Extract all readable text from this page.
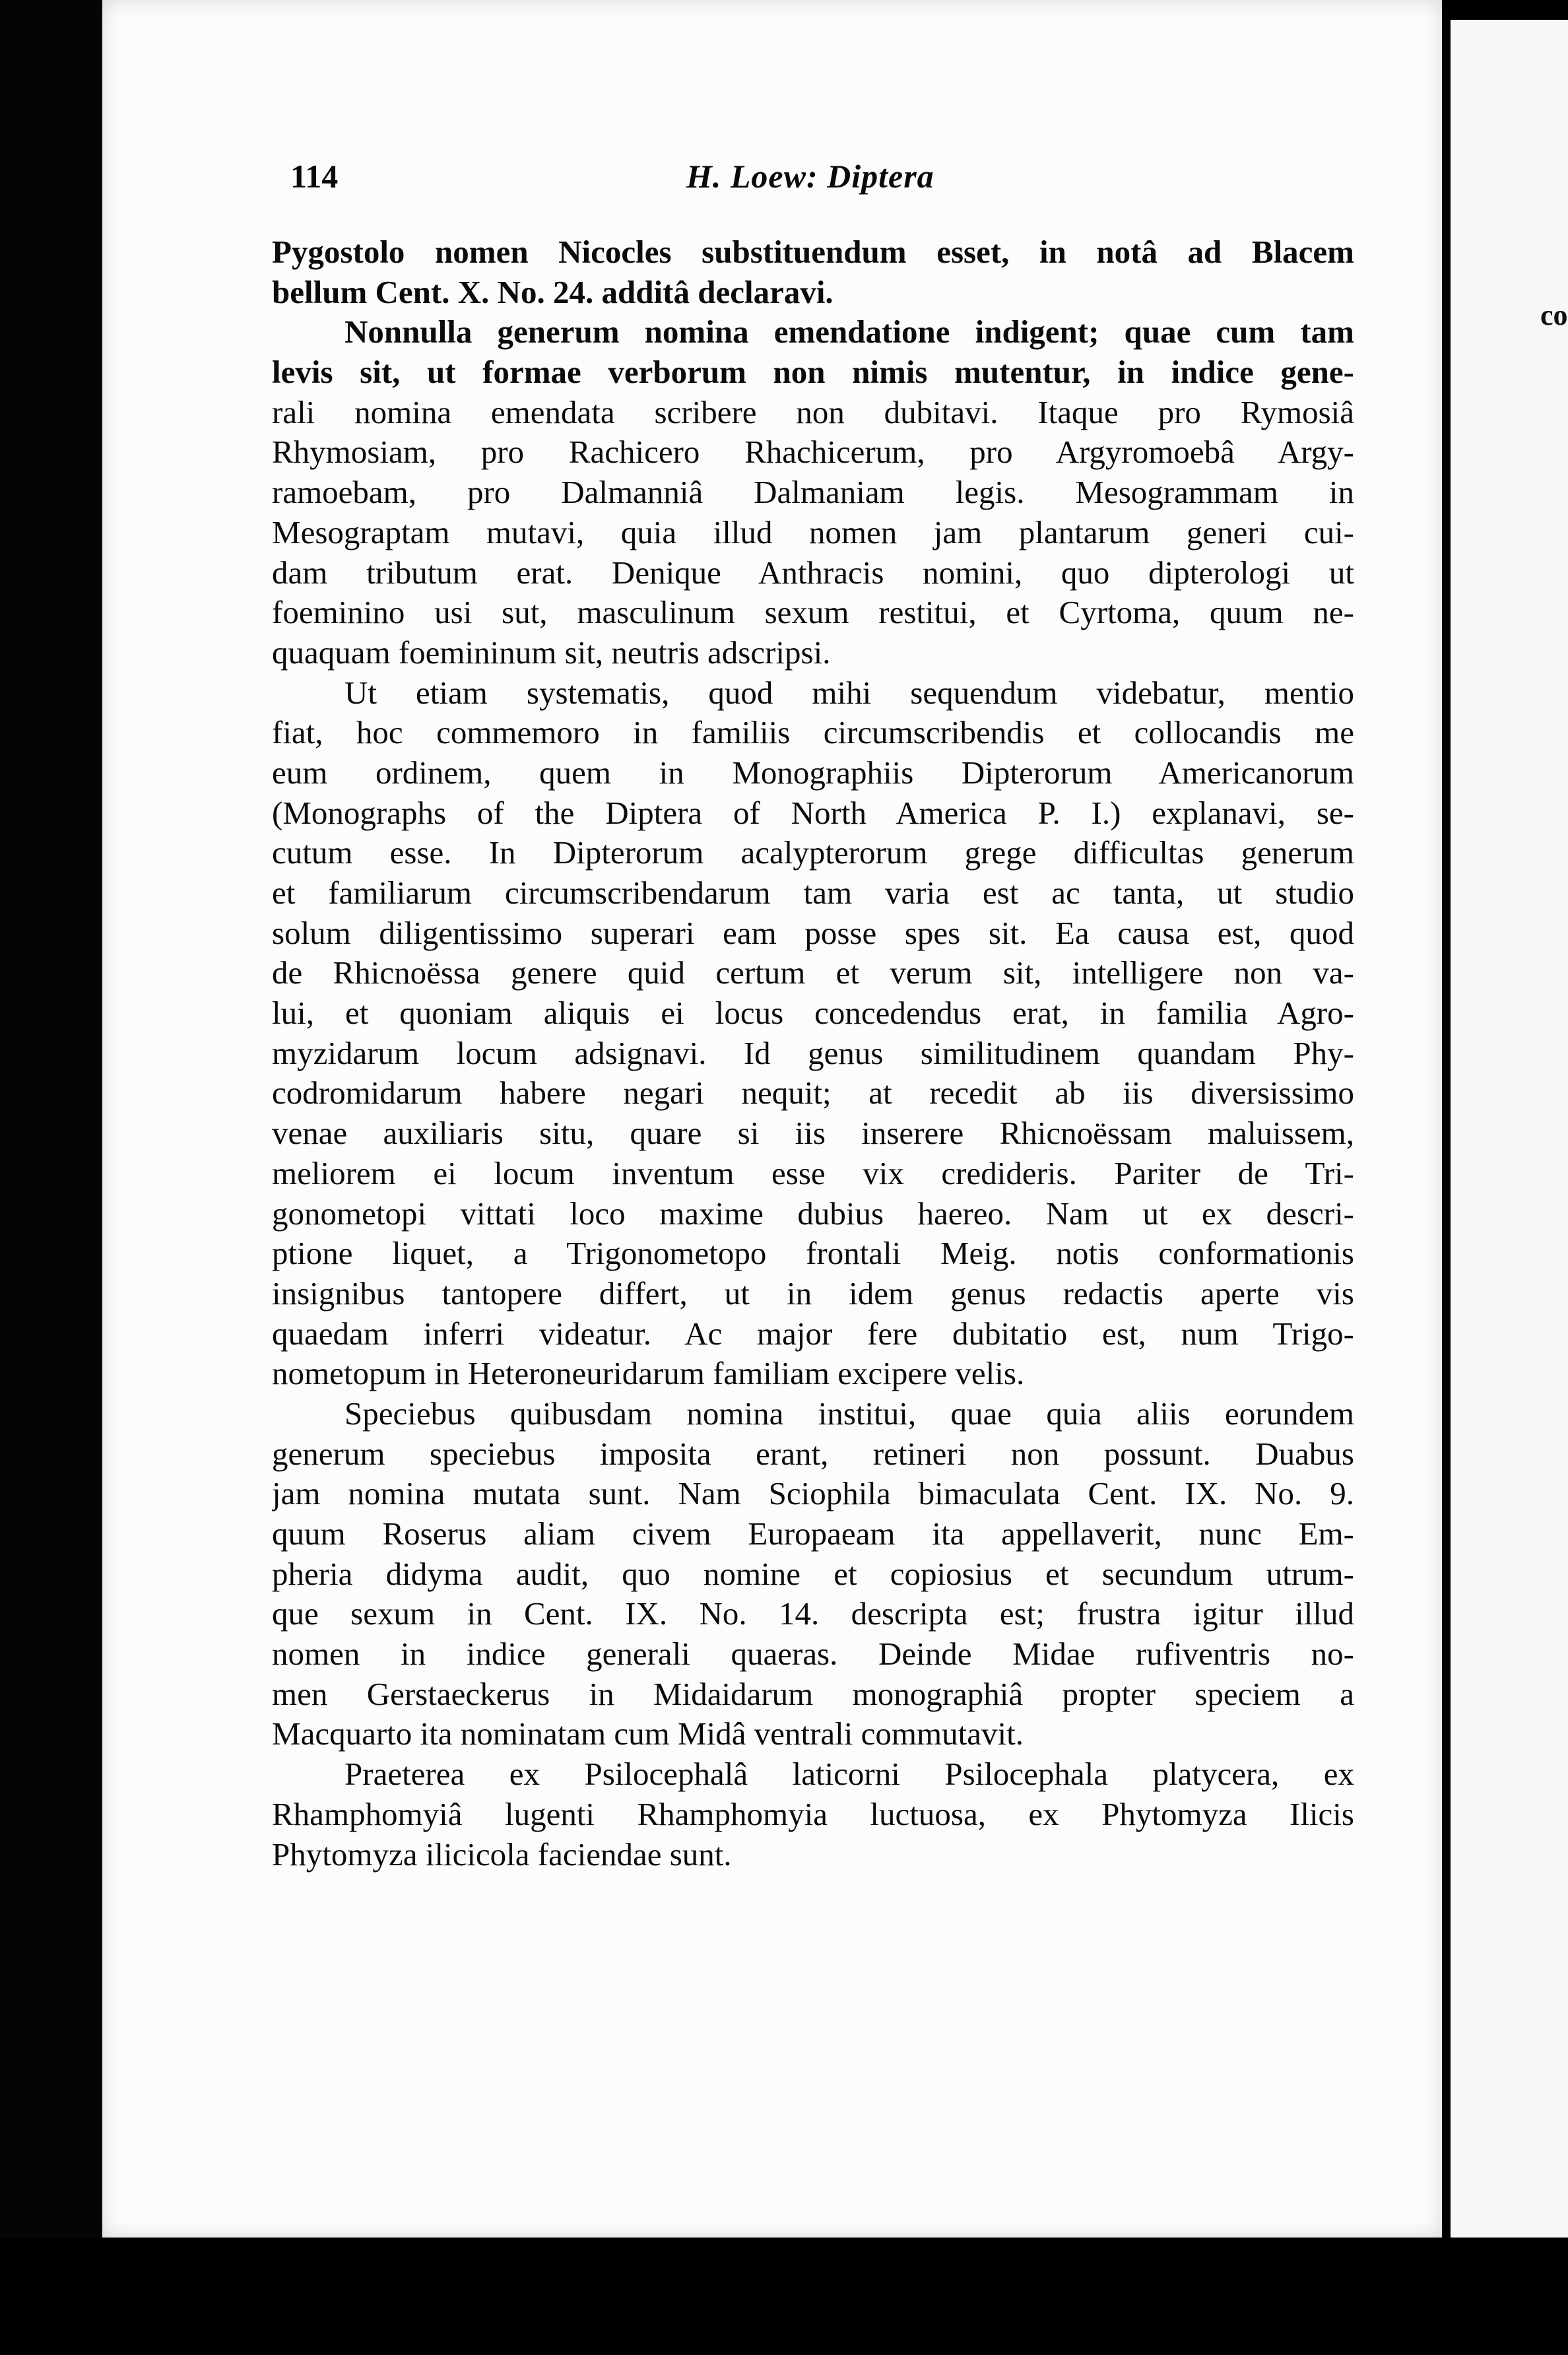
co
114	H. Loew: Diptera
Pygostolo nomen Nicocles substituendum esset, in notâ ad Blacem
bellum Cent. X. No. 24. additâ declaravi.
Nonnulla generum nomina emendatione indigent; quae cum tam
levis sit, ut formae verborum non nimis mutentur, in indice gene-
rali nomina emendata scribere non dubitavi. Itaque pro Rymosiâ
Rhymosiam, pro Rachicero Rhachicerum, pro Argyromoebâ Argy-
ramoebam, pro Dalmanniâ Dalmaniam legis. Mesogrammam in
Mesograptam mutavi, quia illud nomen jam plantarum generi cui-
dam tributum erat. Denique Anthracis nomini, quo dipterologi ut
foeminino usi sut, masculinum sexum restitui, et Cyrtoma, quum ne-
quaquam foemininum sit, neutris adscripsi.
Ut etiam systematis, quod mihi sequendum videbatur, mentio
fiat, hoc commemoro in familiis circumscribendis et collocandis me
eum ordinem, quem in Monographiis Dipterorum Americanorum
(Monographs of the Diptera of North America P. I.) explanavi, se-
cutum esse. In Dipterorum acalypterorum grege difficultas generum
et familiarum circumscribendarum tam varia est ac tanta, ut studio
solum diligentissimo superari eam posse spes sit. Ea causa est, quod
de Rhicnoëssa genere quid certum et verum sit, intelligere non va-
lui, et quoniam aliquis ei locus concedendus erat, in familia Agro-
myzidarum locum adsignavi. Id genus similitudinem quandam Phy-
codromidarum habere negari nequit; at recedit ab iis diversissimo
venae auxiliaris situ, quare si iis inserere Rhicnoëssam maluissem,
meliorem ei locum inventum esse vix credideris. Pariter de Tri-
gonometopi vittati loco maxime dubius haereo. Nam ut ex descri-
ptione liquet, a Trigonometopo frontali Meig. notis conformationis
insignibus tantopere differt, ut in idem genus redactis aperte vis
quaedam inferri videatur. Ac major fere dubitatio est, num Trigo-
nometopum in Heteroneuridarum familiam excipere velis.
Speciebus quibusdam nomina institui, quae quia aliis eorundem
generum speciebus imposita erant, retineri non possunt. Duabus
jam nomina mutata sunt. Nam Sciophila bimaculata Cent. IX. No. 9.
quum Roserus aliam civem Europaeam ita appellaverit, nunc Em-
pheria didyma audit, quo nomine et copiosius et secundum utrum-
que sexum in Cent. IX. No. 14. descripta est; frustra igitur illud
nomen in indice generali quaeras. Deinde Midae rufiventris no-
men Gerstaeckerus in Midaidarum monographiâ propter speciem a
Macquarto ita nominatam cum Midâ ventrali commutavit.
Praeterea ex Psilocephalâ laticorni Psilocephala platycera, ex
Rhamphomyiâ lugenti Rhamphomyia luctuosa, ex Phytomyza Ilicis
Phytomyza ilicicola faciendae sunt.
